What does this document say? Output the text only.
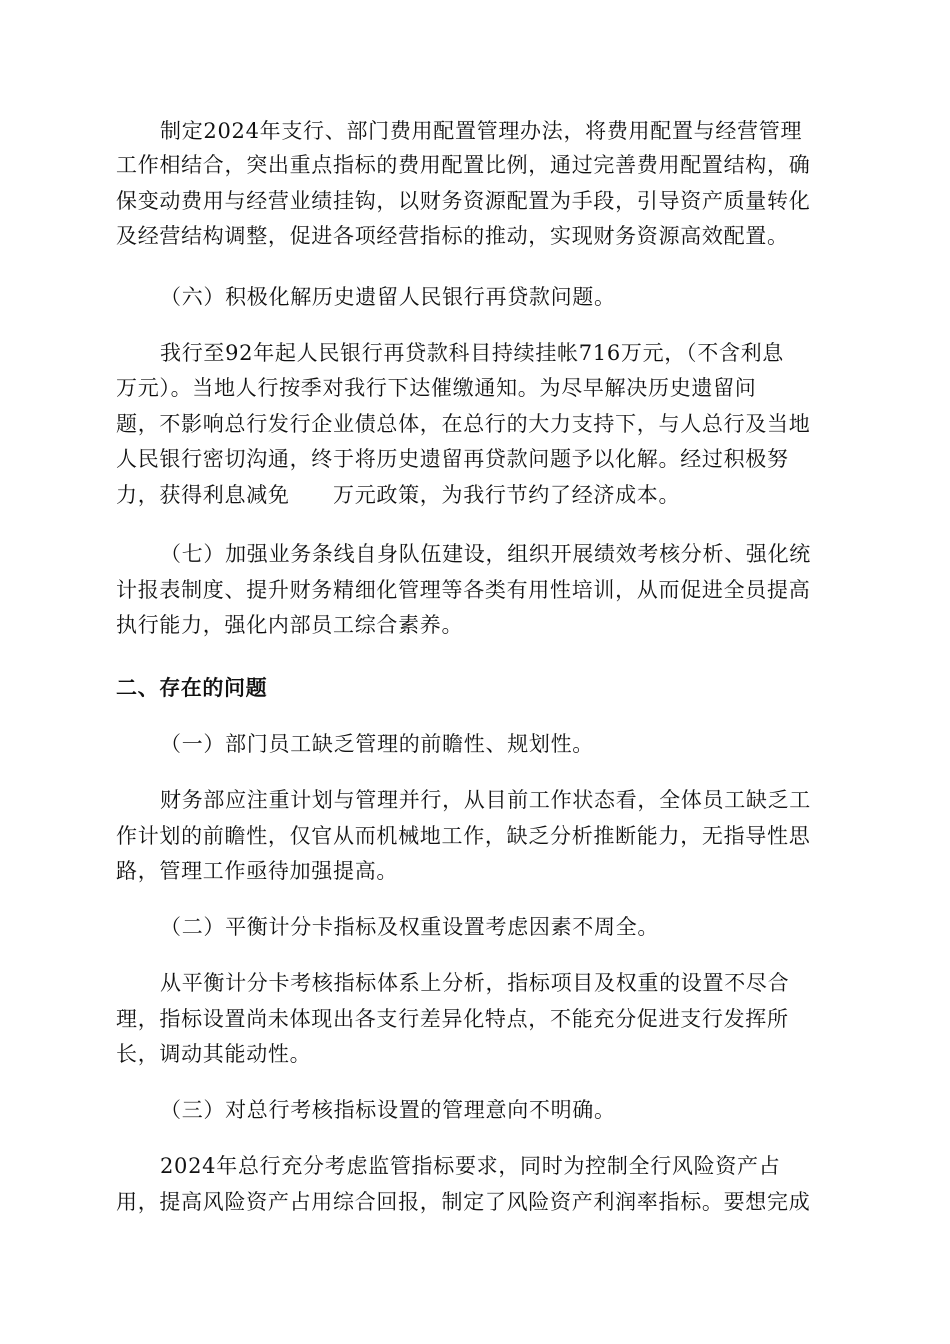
制定2024年支行、部门费用配置管理办法，将费用配置与经营管理
工作相结合，突出重点指标的费用配置比例，通过完善费用配置结构，确
保变动费用与经营业绩挂钩，以财务资源配置为手段，引导资产质量转化
及经营结构调整，促进各项经营指标的推动，实现财务资源高效配置。
（六）积极化解历史遗留人民银行再贷款问题。
我行至92年起人民银行再贷款科目持续挂帐716万元，（不含利息
万元）。当地人行按季对我行下达催缴通知。为尽早解决历史遗留问
题，不影响总行发行企业债总体，在总行的大力支持下，与人总行及当地
人民银行密切沟通，终于将历史遗留再贷款问题予以化解。经过积极努
力，获得利息减免　　万元政策，为我行节约了经济成本。
（七）加强业务条线自身队伍建设，组织开展绩效考核分析、强化统
计报表制度、提升财务精细化管理等各类有用性培训，从而促进全员提高
执行能力，强化内部员工综合素养。
二、存在的问题
（一）部门员工缺乏管理的前瞻性、规划性。
财务部应注重计划与管理并行，从目前工作状态看，全体员工缺乏工
作计划的前瞻性，仅官从而机械地工作，缺乏分析推断能力，无指导性思
路，管理工作亟待加强提高。
（二）平衡计分卡指标及权重设置考虑因素不周全。
从平衡计分卡考核指标体系上分析，指标项目及权重的设置不尽合
理，指标设置尚未体现出各支行差异化特点，不能充分促进支行发挥所
长，调动其能动性。
（三）对总行考核指标设置的管理意向不明确。
2024年总行充分考虑监管指标要求，同时为控制全行风险资产占
用，提高风险资产占用综合回报，制定了风险资产利润率指标。要想完成
